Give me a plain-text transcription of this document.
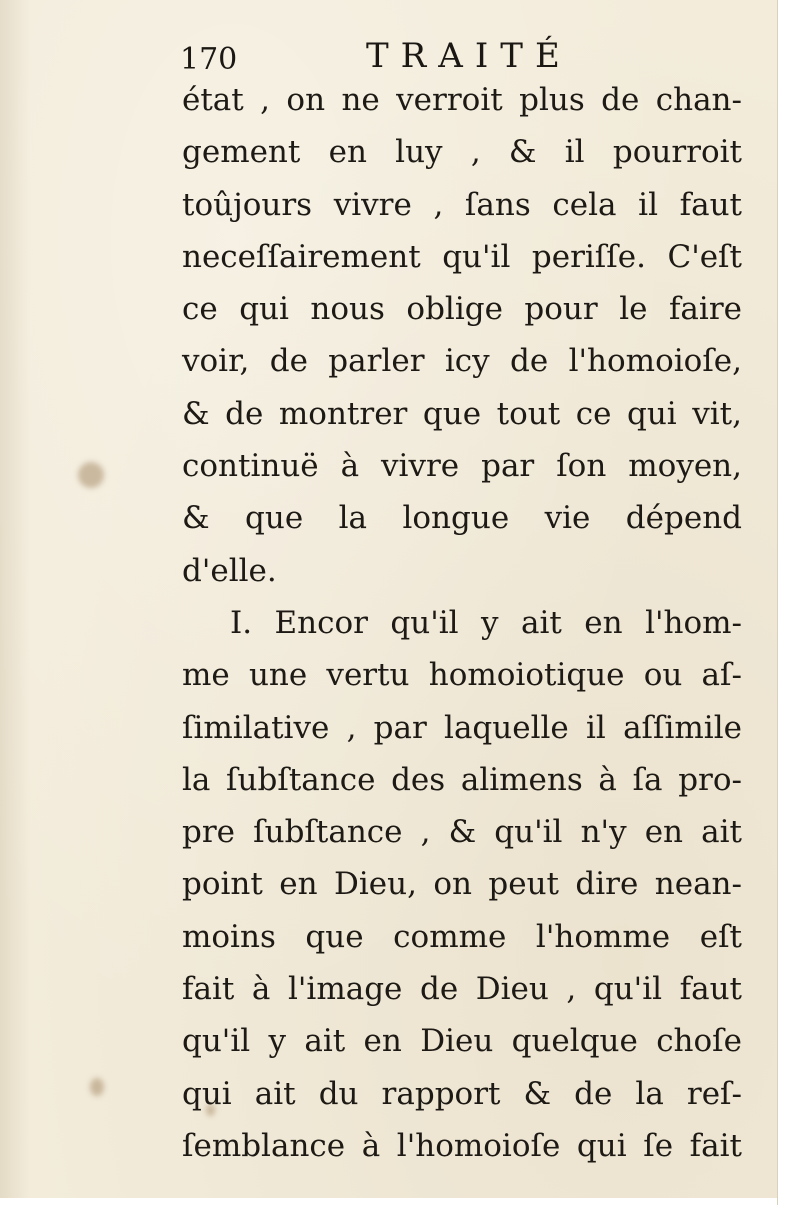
170	TRAITÉ
état , on ne verroit plus de chan-
gement en luy , & il pourroit
toûjours vivre , ſans cela il faut
neceſſairement qu'il periſſe. C'eſt
ce qui nous oblige pour le faire
voir, de parler icy de l'homoioſe,
& de montrer que tout ce qui vit,
continuë à vivre par ſon moyen,
& que la longue vie dépend
d'elle.
I. Encor qu'il y ait en l'hom-
me une vertu homoiotique ou aſ-
ſimilative , par laquelle il aſſimile
la ſubſtance des alimens à ſa pro-
pre ſubſtance , & qu'il n'y en ait
point en Dieu, on peut dire nean-
moins que comme l'homme eſt
fait à l'image de Dieu , qu'il faut
qu'il y ait en Dieu quelque choſe
qui ait du rapport & de la reſ-
ſemblance à l'homoioſe qui ſe fait
